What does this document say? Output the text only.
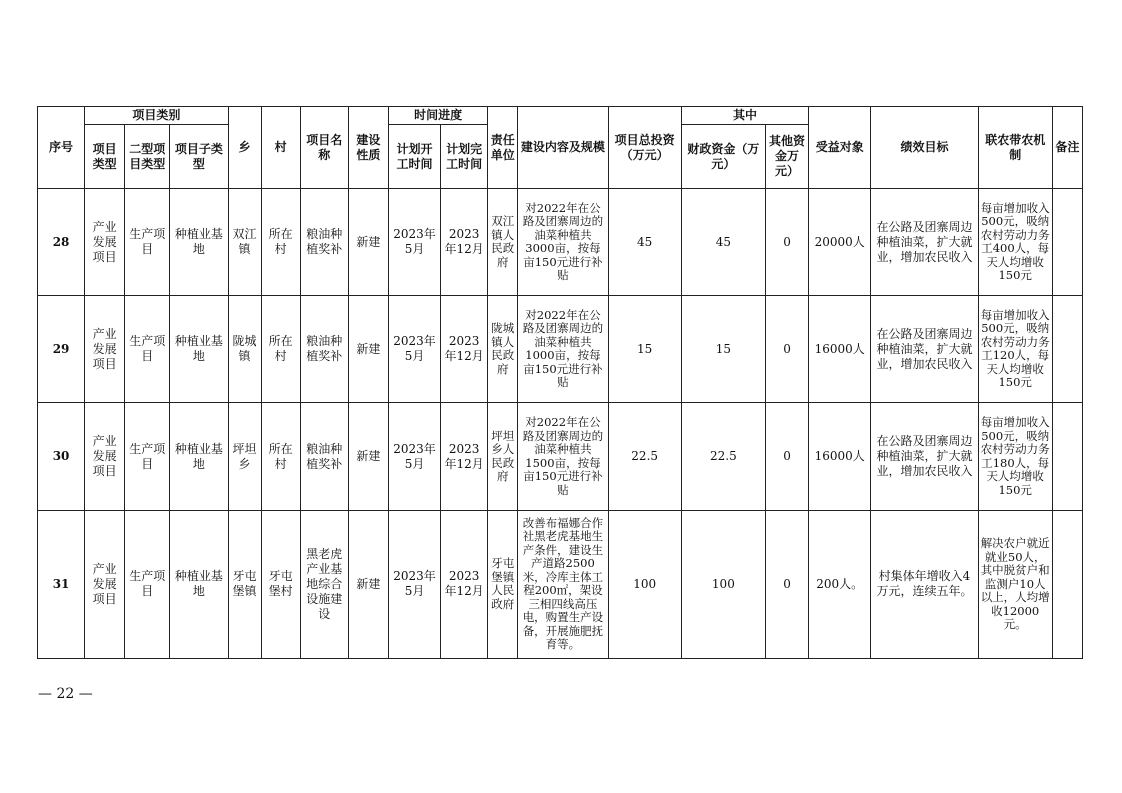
序号	项目类别			乡	村	项目名称	建设性质	时间进度		责任单位	建设内容及规模	项目总投资（万元）	其中		受益对象	绩效目标	联农带农机制	备注
	项目类型	二型项目类型	项目子类型					计划开工时间	计划完工时间				财政资金（万元）	其他资金万元）				
28	产业发展项目	生产项目	种植业基地	双江镇	所在村	粮油种植奖补	新建	2023年5月	2023年12月	双江镇人民政府	对2022年在公路及团寨周边的油菜种植共3000亩，按每亩150元进行补贴	45	45	0	20000人	在公路及团寨周边种植油菜，扩大就业，增加农民收入	每亩增加收入500元，吸纳农村劳动力务工400人，每天人均增收150元	
29	产业发展项目	生产项目	种植业基地	陇城镇	所在村	粮油种植奖补	新建	2023年5月	2023年12月	陇城镇人民政府	对2022年在公路及团寨周边的油菜种植共1000亩，按每亩150元进行补贴	15	15	0	16000人	在公路及团寨周边种植油菜，扩大就业，增加农民收入	每亩增加收入500元，吸纳农村劳动力务工120人，每天人均增收150元	
30	产业发展项目	生产项目	种植业基地	坪坦乡	所在村	粮油种植奖补	新建	2023年5月	2023年12月	坪坦乡人民政府	对2022年在公路及团寨周边的油菜种植共1500亩，按每亩150元进行补贴	22.5	22.5	0	16000人	在公路及团寨周边种植油菜，扩大就业，增加农民收入	每亩增加收入500元，吸纳农村劳动力务工180人，每天人均增收150元	
31	产业发展项目	生产项目	种植业基地	牙屯堡镇	牙屯堡村	黑老虎产业基地综合设施建设	新建	2023年5月	2023年12月	牙屯堡镇人民政府	改善布福娜合作社黑老虎基地生产条件，建设生产道路2500米，冷库主体工程200㎡，架设三相四线高压电，购置生产设备，开展施肥抚育等。	100	100	0	200人。	村集体年增收入4万元，连续五年。	解决农户就近就业50人，其中脱贫户和监测户10人以上，人均增收12000元。	
— 22 —
